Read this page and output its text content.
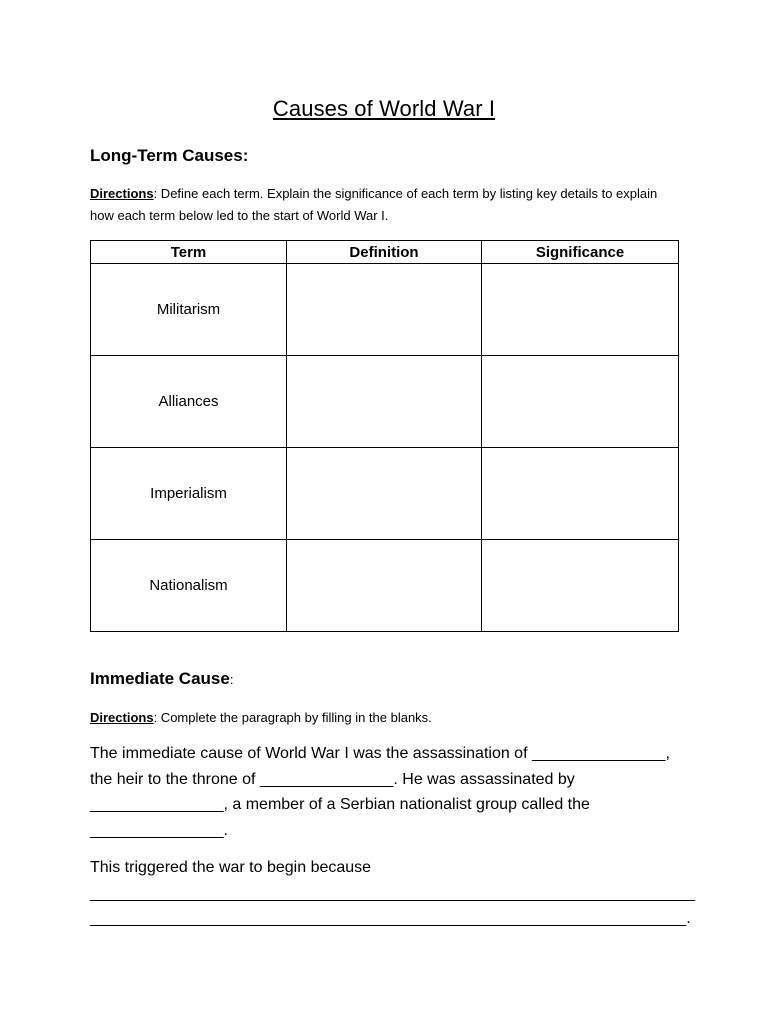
Causes of World War I
Long-Term Causes:
Directions: Define each term. Explain the significance of each term by listing key details to explain how each term below led to the start of World War I.
Term	Definition	Significance
Militarism		
Alliances		
Imperialism		
Nationalism		
Immediate Cause:
Directions: Complete the paragraph by filling in the blanks.
The immediate cause of World War I was the assassination of _______________,
the heir to the throne of _______________. He was assassinated by
_______________, a member of a Serbian nationalist group called the
_______________.
This triggered the war to begin because
____________________________________________________________________
___________________________________________________________________.
